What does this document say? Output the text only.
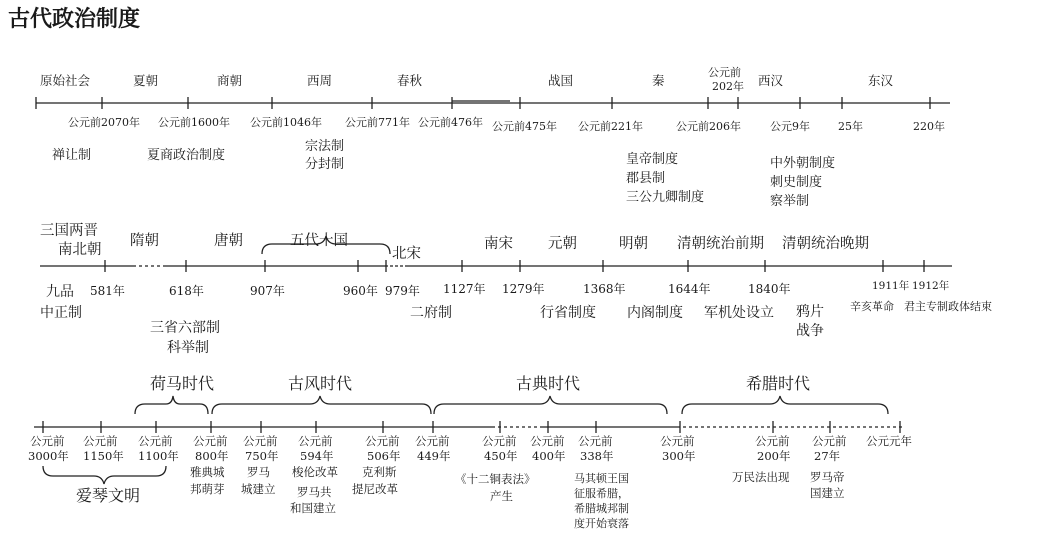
古代政治制度
原始社会	夏朝	商朝	西周	春秋	战国	秦	西汉	东汉
公元前
202年
公元前2070年 公元前1600年 公元前1046年 公元前771年 公元前476年 公元前475年 公元前221年	公元前206年	公元9年	25年	220年
禅让制	夏商政治制度
宗法制
分封制	皇帝制度
郡县制
三公九卿制度
中外朝制度
刺史制度
察举制
三国两晋
南北朝
隋朝	唐朝	五代十国
北宋
南宋 元朝	明朝 清朝统治前期 清朝统治晚期
581年	618年	907年	960年 979年 1127年 1279年	1368年	1644年	1840年	1911年 1912年
九品
中正制
三省六部制
科举制
二府制	行省制度 内阁制度 军机处设立 鸦片
战争
辛亥革命 君主专制政体结束
荷马时代	古风时代	古典时代	希腊时代
爱琴文明
公元前
3000年
公元前
1150年
公元前
1100年
公元前
800年
公元前
750年
公元前
594年
公元前
506年
公元前
449年
公元前
450年
公元前
400年
公元前
338年
公元前
300年
公元前
200年
公元前
27年
公元元年
雅典城
邦萌芽
罗马
城建立
梭伦改革
罗马共
和国建立
克利斯
提尼改革
《十二铜表法》
产生
马其顿王国
征服希腊，
希腊城邦制
度开始衰落
万民法出现 罗马帝
国建立
